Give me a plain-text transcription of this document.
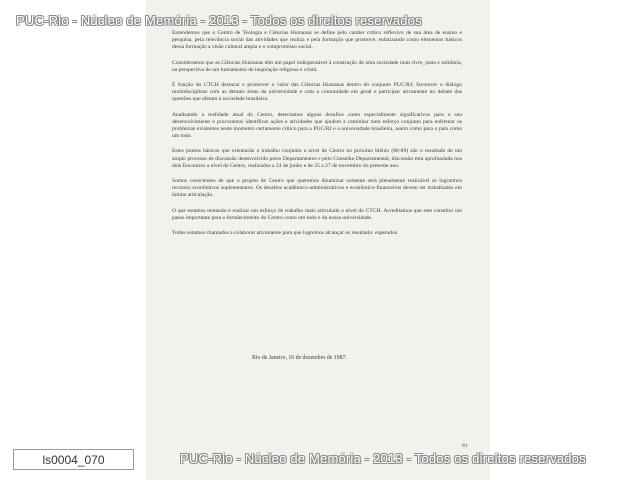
PUC-Rio - Núcleo de Memória - 2013 - Todos os direitos reservados

Entendemos que o Centro de Teologia e Ciências Humanas se define pelo caráter crítico reflexivo de sua área de ensino e pesquisa, pela relevância social das atividades que realiza e pela formação que promove, enfatizando como elementos básicos dessa formação a visão cultural ampla e o compromisso social.

Consideramos que as Ciências Humanas têm um papel indispensável à construção de uma sociedade mais livre, justa e solidária, na perspectiva de um humanismo de inspiração religiosa e cristã.

É função do CTCH destacar e promover o valor das Ciências Humanas dentro do conjunto PUC/RJ; favorecer o diálogo multidisciplinar com as demais áreas da universidade e com a comunidade em geral e participar ativamente no debate das questões que afetam à sociedade brasileira.

Analisando a realidade atual do Centro, detectamos alguns desafios como especialmente significativos para o seu desenvolvimento e procuramos identificar ações e atividades que ajudem a caminhar num esforço conjunto para enfrentar os problemas existentes neste momento certamente crítico para a PUC/RJ e a universidade brasileira, assim como para o país como um todo.

Estes pontos básicos que orientarão o trabalho conjunto a nível de Centro no próximo biênio (88-89) são o resultado de um amplo processo de discussão desenvolvido pelos Departamentos e pelo Conselho Departamental, discussão esta aprofundada nos dois Encontros a nível de Centro, realizados a 24 de junho e de 25 a 27 de novembro do presente ano.

Somos conscientes de que o projeto de Centro que queremos dinamizar somente será plenamente realizável se lograrmos recursos econômicos suplementares. Os desafios acadêmico-administrativos e econômico-financeiros devem ser trabalhados em íntima articulação.

O que estamos tentando é realizar um esforço de trabalho mais articulado a nível do CTCH. Acreditamos que este constitui um passo importante para o fortalecimento do Centro como um todo e da nossa universidade.

Todos estamos chamados a colaborar ativamente para que logremos alcançar os resultado: esperados.

Rio de Janeiro, 16 de dezembro de 1987.
81
ls0004_070	PUC-Rio - Núcleo de Memória - 2013 - Todos os direitos reservados
